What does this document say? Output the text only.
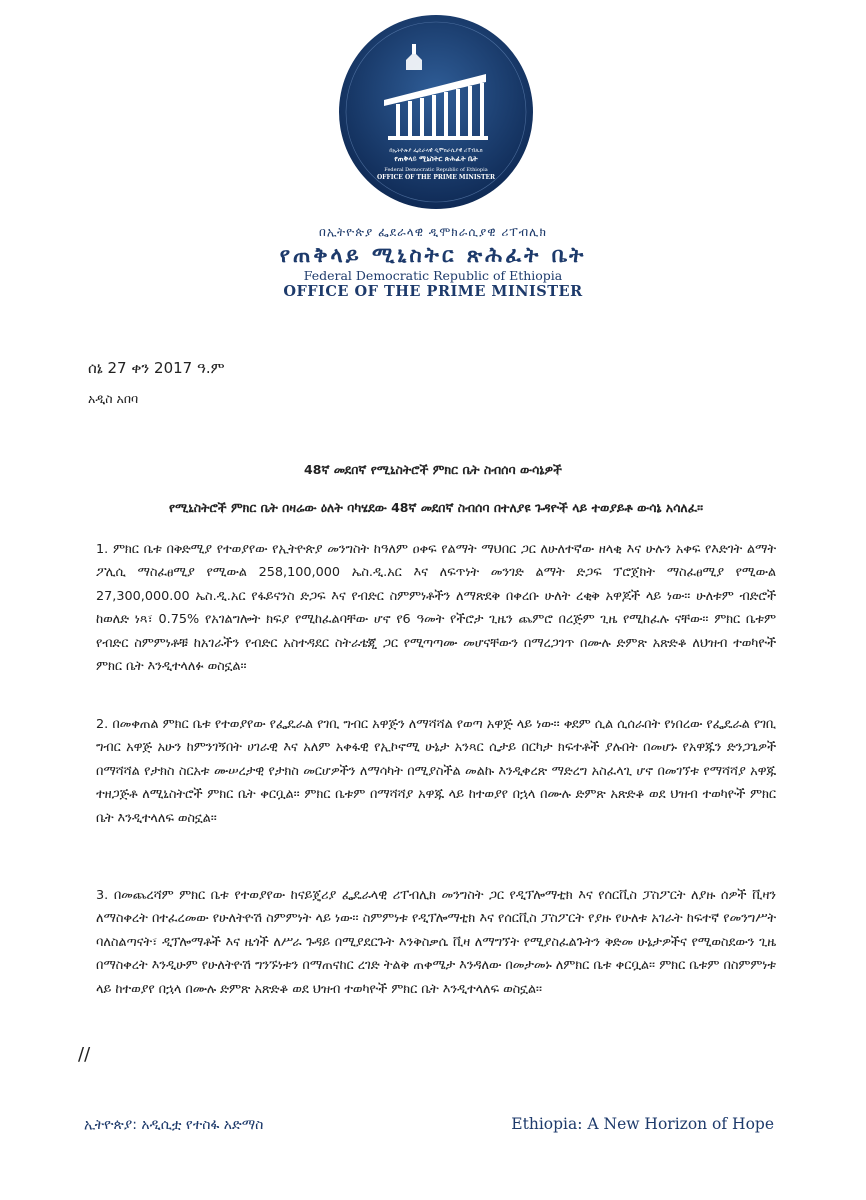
በኢትዮጵያ ፌዴራላዊ ዲሞክራሲያዊ ሪፐብሊክ
የጠቅላይ ሚኒስትር ጽሕፈት ቤት
Federal Democratic Republic of Ethiopia
OFFICE OF THE PRIME MINISTER
በኢትዮጵያ ፌደራላዊ ዲሞክራሲያዊ ሪፐብሊክ
የጠቅላይ ሚኒስትር ጽሕፈት ቤት
Federal Democratic Republic of Ethiopia
OFFICE OF THE PRIME MINISTER
ሰኔ 27 ቀን 2017 ዓ.ም
አዲስ አበባ
48ኛ መደበኛ የሚኒስትሮች ምክር ቤት ስብሰባ ውሳኔዎች
የሚኒስትሮች ምክር ቤት በዛሬው ዕለት ባካሄደው 48ኛ መደበኛ ስብሰባ በተለያዩ ጉዳዮች ላይ ተወያይቶ ውሳኔ አሳለፈ፡፡
1. ምክር ቤቱ በቅድሚያ የተወያየው የኢትዮጵያ መንግስት ከዓለም ዐቀፍ የልማት ማህበር ጋር ለሁለተኛው ዘላቂ እና ሁሉን አቀፍ የእድገት ልማት ፖሊሲ ማስፈፀሚያ የሚውል 258,100,000 ኤስ.ዲ.አር እና ለፍጥነት መንገድ ልማት ድጋፍ ፕሮጀክት ማስፈፀሚያ የሚውል 27,300,000.00 ኤስ.ዲ.አር የፋይናንስ ድጋፍ እና የብድር ስምምነቶችን ለማጽደቅ በቀረቡ ሁለት ረቂቅ አዋጆች ላይ ነው፡፡ ሁለቱም ብድሮች ከወለድ ነጻ፣ 0.75% የአገልግሎት ክፍያ የሚከፈልባቸው ሆኖ የ6 ዓመት የችሮታ ጊዜን ጨምሮ በረጅም ጊዜ የሚከፈሉ ናቸው፡፡ ምክር ቤቱም የብድር ስምምነቶቹ ከአገራችን የብድር አስተዳደር ስትራቴጂ ጋር የሚጣጣሙ መሆናቸውን በማረጋገጥ በሙሉ ድምጽ አጽድቆ ለህዝብ ተወካዮች ምክር ቤት እንዲተላለፉ ወስኗል፡፡
2. በመቀጠል ምክር ቤቱ የተወያየው የፌዴራል የገቢ ግብር አዋጅን ለማሻሻል የወጣ አዋጅ ላይ ነው፡፡ ቀደም ሲል ሲሰራበት የነበረው የፌዴራል የገቢ ግብር አዋጅ አሁን ከምንገኝበት ሀገራዊ እና አለም አቀፋዊ የኢኮኖሚ ሁኔታ አንጻር ሲታይ በርካታ ክፍተቶች ያሉበት በመሆኑ የአዋጁን ድንጋጌዎች በማሻሻል የታክስ ስርአቱ ሙሠረታዊ የታክስ መርሆዎችን ለማሳካት በሚያስችል መልኩ እንዲቀረጽ ማድረግ አስፈላጊ ሆኖ በመገኘቱ የማሻሻያ አዋጁ ተዘጋጅቶ ለሚኒስትሮች ምክር ቤት ቀርቧል፡፡ ምክር ቤቱም በማሻሻያ አዋጁ ላይ ከተወያየ በኋላ በሙሉ ድምጽ አጽድቆ ወደ ህዝብ ተወካዮች ምክር ቤት እንዲተላለፍ ወስኗል፡፡
3. በመጨረሻም ምክር ቤቱ የተወያየው ከናይጄሪያ ፌዴራላዊ ሪፐብሊክ መንግስት ጋር የዲፕሎማቲክ እና የሰርቪስ ፓስፖርት ለያዙ ሰዎች ቪዛን ለማስቀረት በተፈረመው የሁለትዮሽ ስምምነት ላይ ነው፡፡ ስምምነቱ የዲፕሎማቲክ እና የሰርቪስ ፓስፖርት የያዙ የሁለቱ አገራት ከፍተኛ የመንግሥት ባለስልጣናት፣ ዲፕሎማቶች እና ዜጎች ለሥራ ጉዳይ በሚያደርጉት እንቅስቃሴ ቪዛ ለማግኘት የሚያስፈልጉትን ቅድመ ሁኔታዎችና የሚወስደውን ጊዜ በማስቀረት እንዲሁም የሁለትዮሽ ግንኙነቱን በማጠናከር ረገድ ትልቅ ጠቀሜታ እንዳለው በመታመኑ ለምክር ቤቱ ቀርቧል፡፡ ምክር ቤቱም በስምምነቱ ላይ ከተወያየ በኋላ በሙሉ ድምጽ አጽድቆ ወደ ህዝብ ተወካዮች ምክር ቤት እንዲተላለፍ ወስኗል፡፡
//
ኢትዮጵያ: አዲሲቷ የተስፋ አድማስ	Ethiopia: A New Horizon of Hope
